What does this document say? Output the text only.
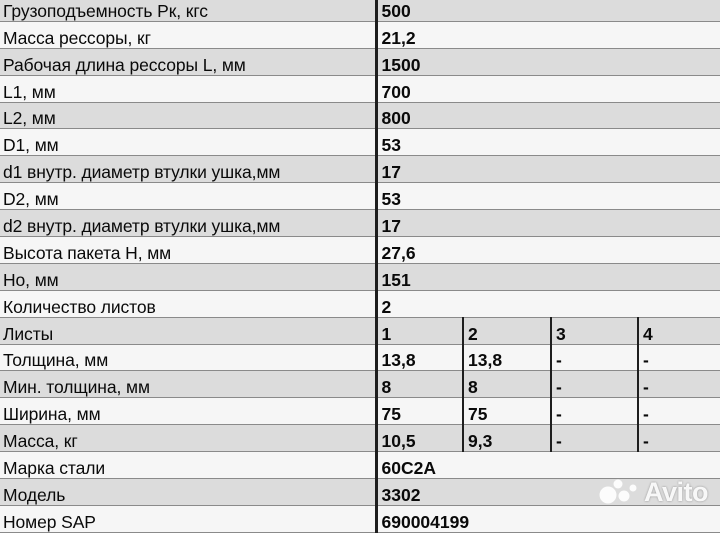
Грузоподъемность Pк, кгс	500			
Масса рессоры, кг	21,2			
Рабочая длина рессоры L, мм	1500			
L1, мм	700			
L2, мм	800			
D1, мм	53			
d1 внутр. диаметр втулки ушка,мм	17			
D2, мм	53			
d2 внутр. диаметр втулки ушка,мм	17			
Высота пакета H, мм	27,6			
Ho, мм	151			
Количество листов	2			
Листы	1	2	3	4
Толщина, мм	13,8	13,8	-	-
Мин. толщина, мм	8	8	-	-
Ширина, мм	75	75	-	-
Масса, кг	10,5	9,3	-	-
Марка стали	60С2А			
Модель	3302			
Номер SAP	690004199			
Avito
